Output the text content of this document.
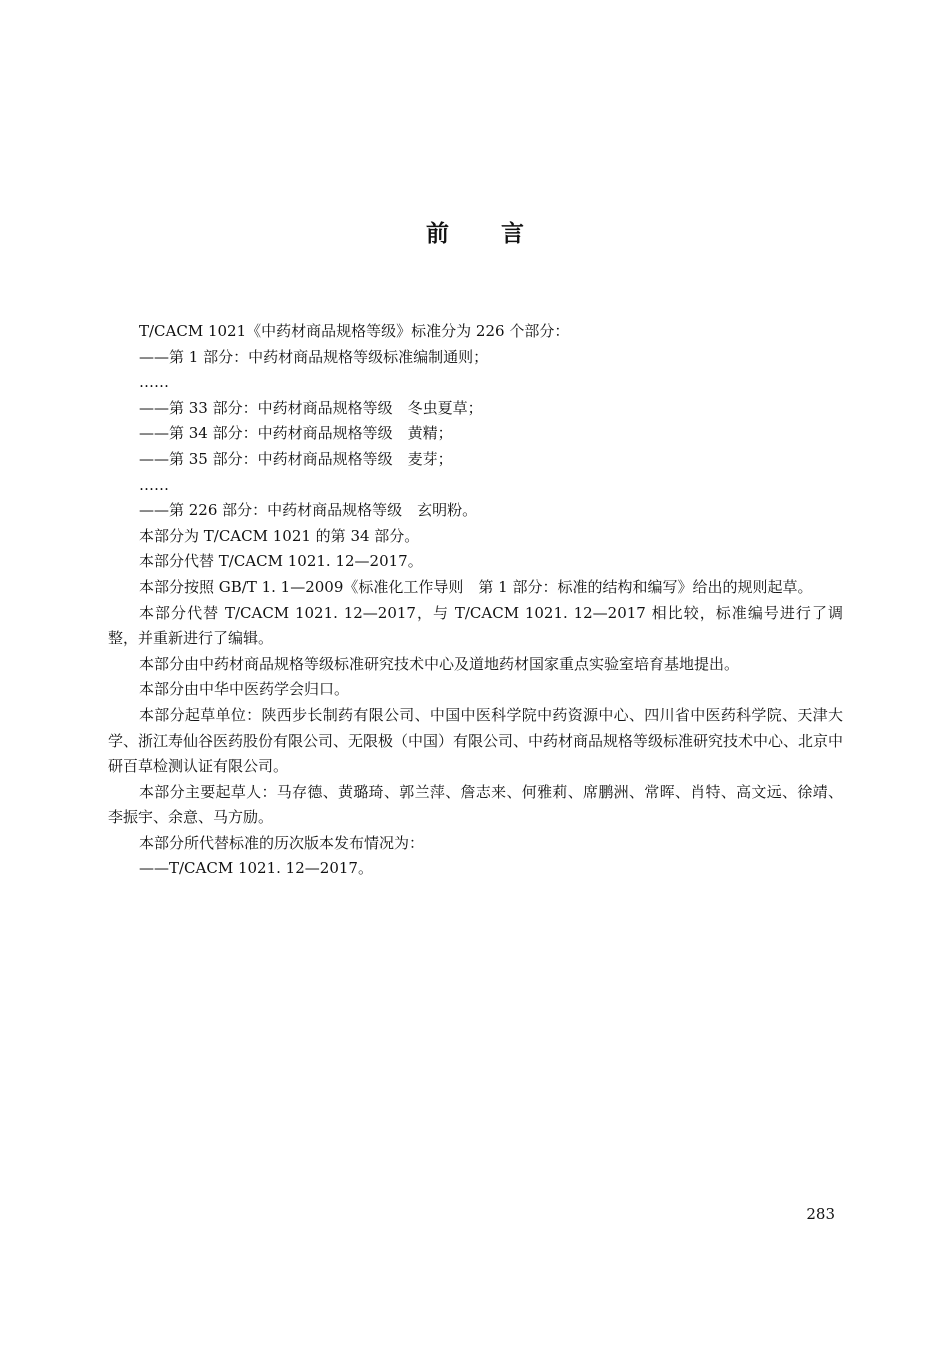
前 言

T/CACM 1021《中药材商品规格等级》标准分为 226 个部分：

——第 1 部分：中药材商品规格等级标准编制通则；

……

——第 33 部分：中药材商品规格等级　冬虫夏草；

——第 34 部分：中药材商品规格等级　黄精；

——第 35 部分：中药材商品规格等级　麦芽；

……

——第 226 部分：中药材商品规格等级　玄明粉。

本部分为 T/CACM 1021 的第 34 部分。

本部分代替 T/CACM 1021. 12—2017。

本部分按照 GB/T 1. 1—2009《标准化工作导则　第 1 部分：标准的结构和编写》给出的规则起草。

本部分代替 T/CACM 1021. 12—2017，与 T/CACM 1021. 12—2017 相比较，标准编号进行了调整，并重新进行了编辑。

本部分由中药材商品规格等级标准研究技术中心及道地药材国家重点实验室培育基地提出。

本部分由中华中医药学会归口。

本部分起草单位：陕西步长制药有限公司、中国中医科学院中药资源中心、四川省中医药科学院、天津大学、浙江寿仙谷医药股份有限公司、无限极（中国）有限公司、中药材商品规格等级标准研究技术中心、北京中研百草检测认证有限公司。

本部分主要起草人：马存德、黄璐琦、郭兰萍、詹志来、何雅莉、席鹏洲、常晖、肖特、高文远、徐靖、李振宇、余意、马方励。

本部分所代替标准的历次版本发布情况为：

——T/CACM 1021. 12—2017。

283
